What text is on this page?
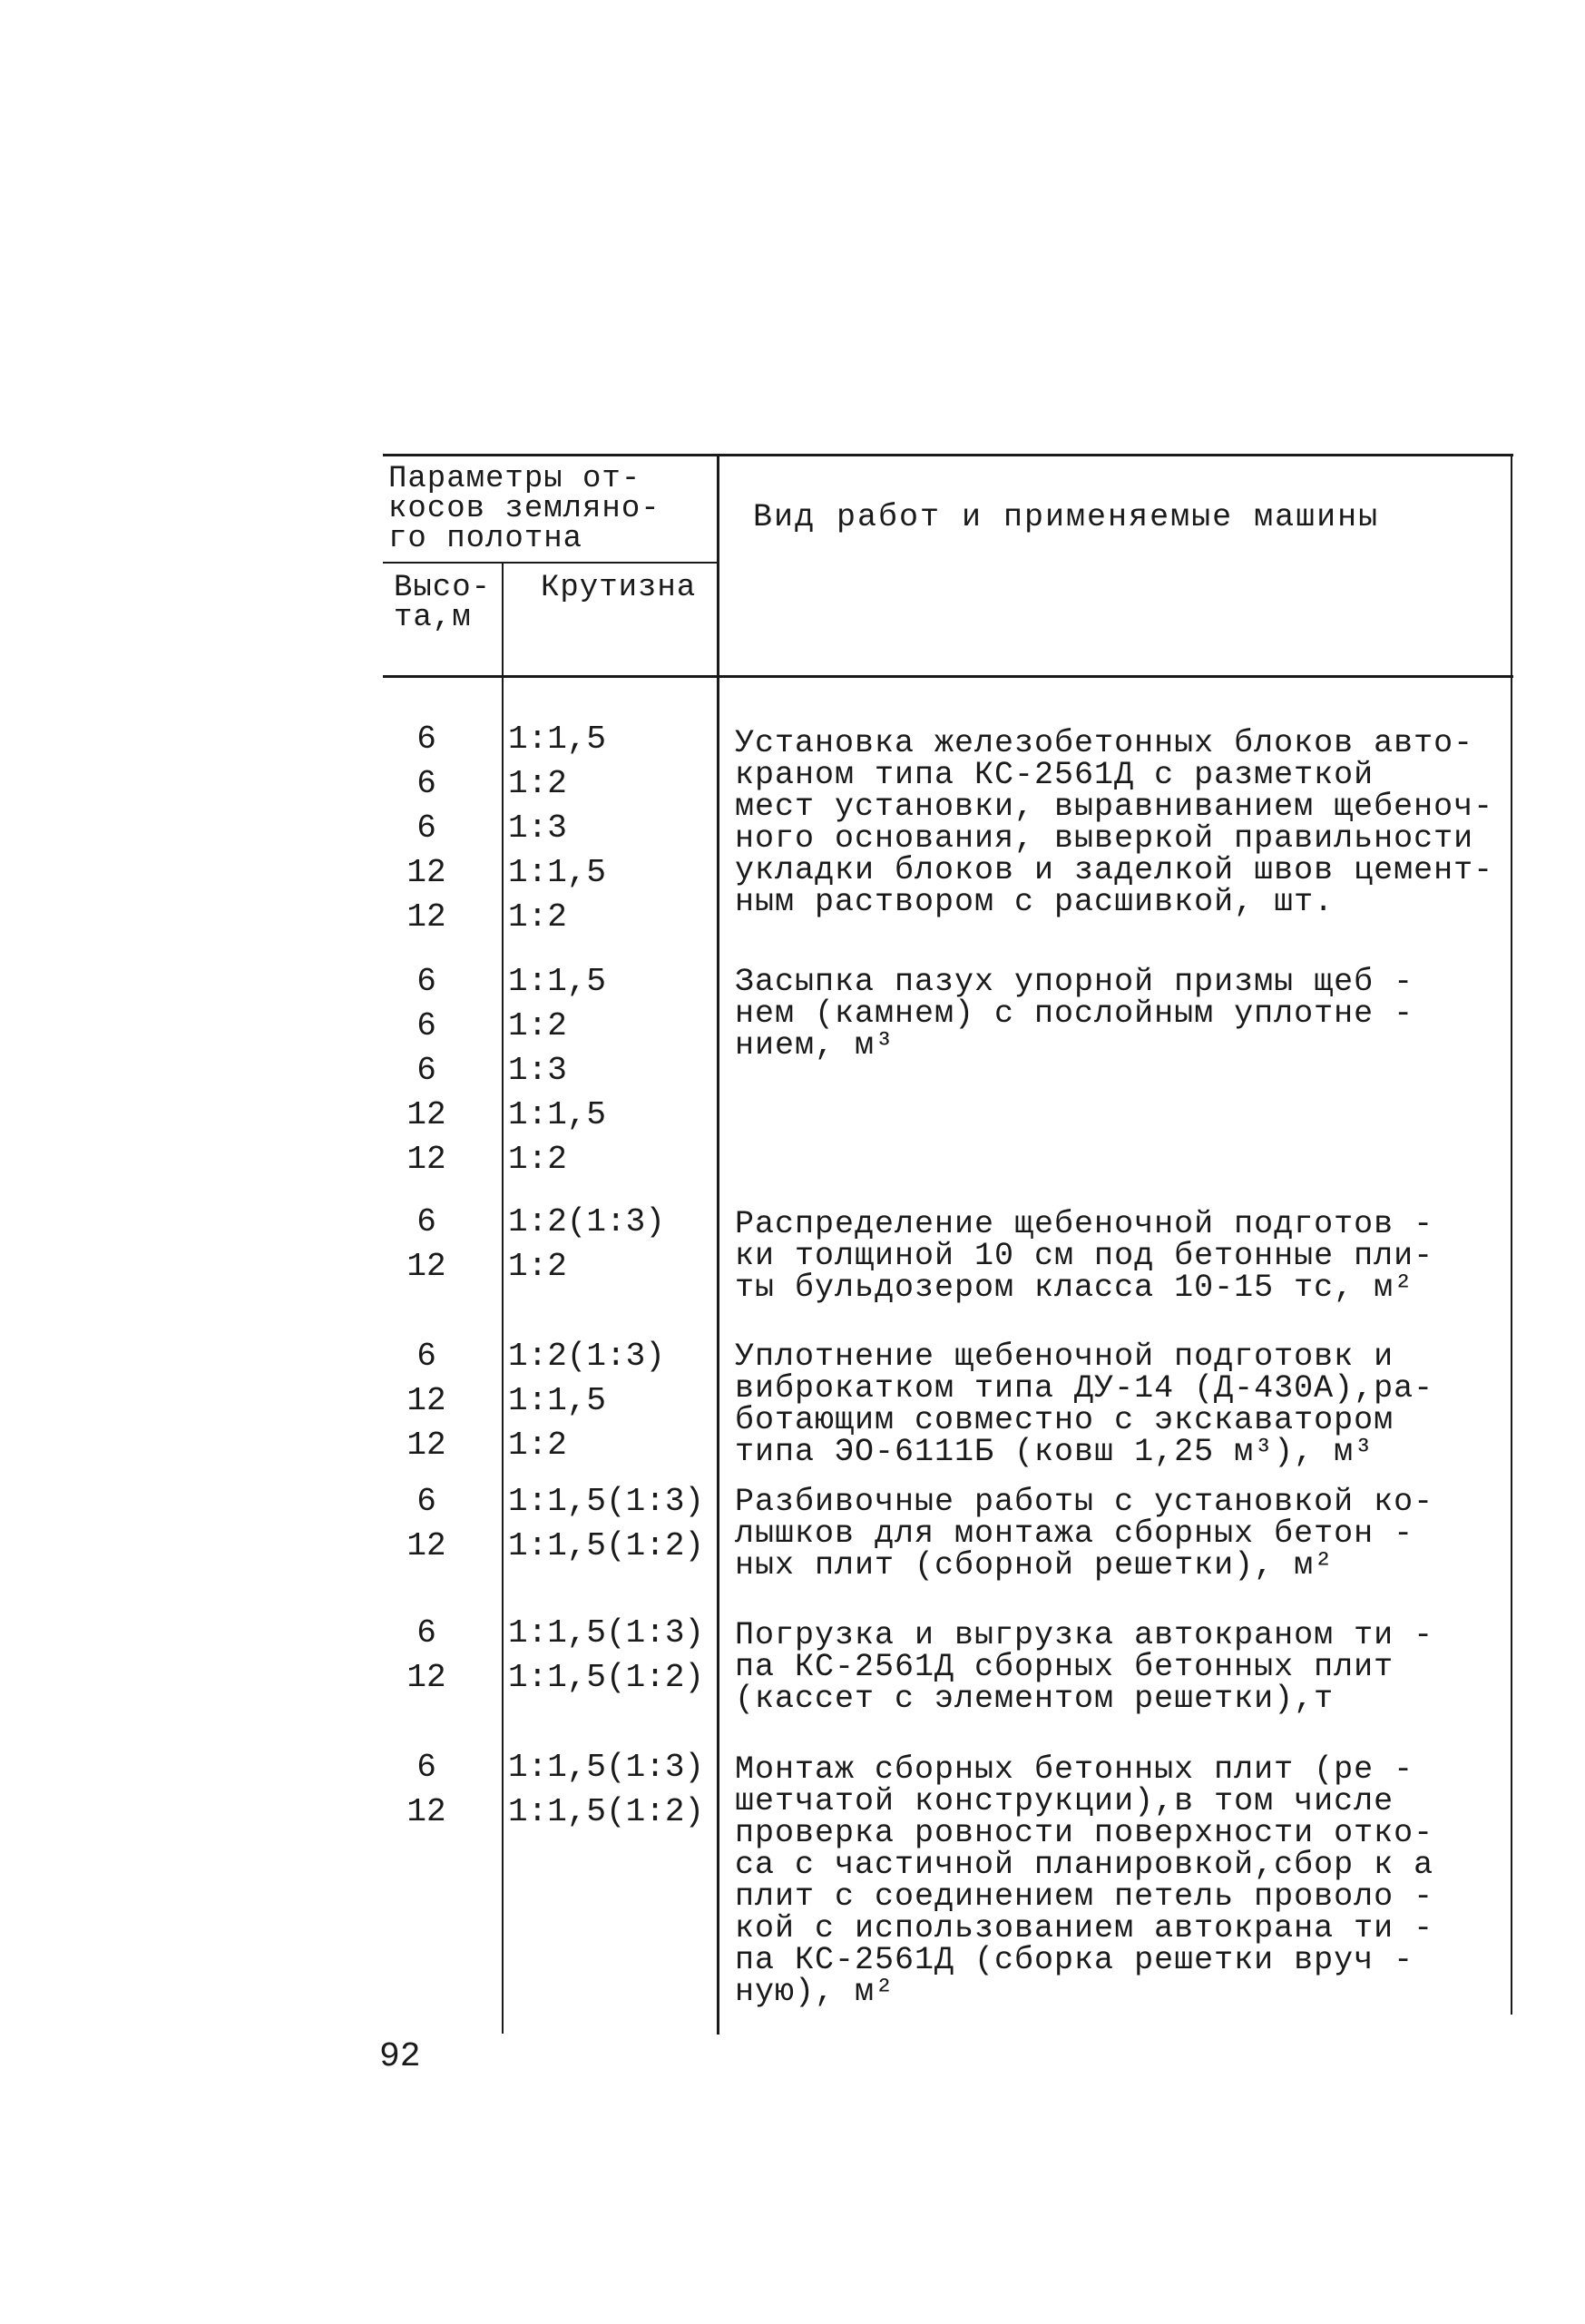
Параметры от-
косов земляно-
го полотна
Высо-
та,м
Крутизна
Вид работ и применяемые машины
6
6
6
12
12
1:1,5
1:2
1:3
1:1,5
1:2
Установка железобетонных блоков авто-
краном типа КС-2561Д с разметкой
мест установки, выравниванием щебеноч-
ного основания, выверкой правильности
укладки блоков и заделкой швов цемент-
ным раствором с расшивкой, шт.
6
6
6
12
12
1:1,5
1:2
1:3
1:1,5
1:2
Засыпка пазух упорной призмы щеб -
нем (камнем) с послойным уплотне -
нием, м³
6
12
1:2(1:3)
1:2
Распределение щебеночной подготов -
ки толщиной 10 см под бетонные пли-
ты бульдозером класса 10-15 тс, м²
6
12
12
1:2(1:3)
1:1,5
1:2
Уплотнение щебеночной подготовк и
виброкатком типа ДУ-14 (Д-430А),ра-
ботающим совместно с экскаватором
типа ЭО-6111Б (ковш 1,25 м³), м³
6
12
1:1,5(1:3)
1:1,5(1:2)
Разбивочные работы с установкой ко-
лышков для монтажа сборных бетон -
ных плит (сборной решетки), м²
6
12
1:1,5(1:3)
1:1,5(1:2)
Погрузка и выгрузка автокраном ти -
па КС-2561Д сборных бетонных плит
(кассет с элементом решетки),т
6
12
1:1,5(1:3)
1:1,5(1:2)
Монтаж сборных бетонных плит (ре -
шетчатой конструкции),в том числе
проверка ровности поверхности отко-
са с частичной планировкой,сбор к а
плит с соединением петель проволо -
кой с использованием автокрана ти -
па КС-2561Д (сборка решетки вруч -
ную), м²
92
